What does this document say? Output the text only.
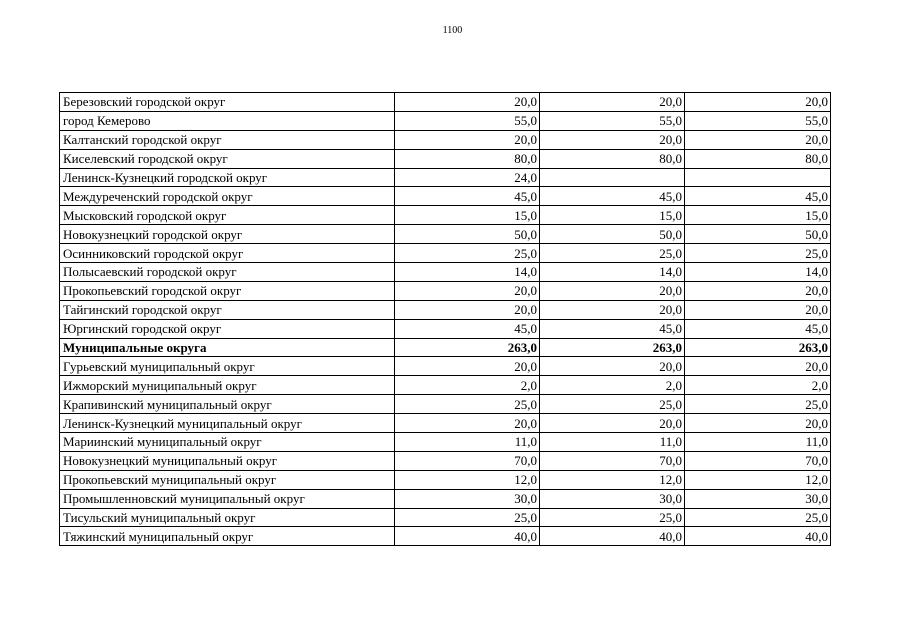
1100
Березовский городской округ	20,0	20,0	20,0
город Кемерово	55,0	55,0	55,0
Калтанский городской округ	20,0	20,0	20,0
Киселевский городской округ	80,0	80,0	80,0
Ленинск-Кузнецкий городской округ	24,0		
Междуреченский городской округ	45,0	45,0	45,0
Мысковский городской округ	15,0	15,0	15,0
Новокузнецкий городской округ	50,0	50,0	50,0
Осинниковский городской округ	25,0	25,0	25,0
Полысаевский городской округ	14,0	14,0	14,0
Прокопьевский городской округ	20,0	20,0	20,0
Тайгинский городской округ	20,0	20,0	20,0
Юргинский городской округ	45,0	45,0	45,0
Муниципальные округа	263,0	263,0	263,0
Гурьевский муниципальный округ	20,0	20,0	20,0
Ижморский муниципальный округ	2,0	2,0	2,0
Крапивинский муниципальный округ	25,0	25,0	25,0
Ленинск-Кузнецкий муниципальный округ	20,0	20,0	20,0
Мариинский муниципальный округ	11,0	11,0	11,0
Новокузнецкий муниципальный округ	70,0	70,0	70,0
Прокопьевский муниципальный округ	12,0	12,0	12,0
Промышленновский муниципальный округ	30,0	30,0	30,0
Тисульский муниципальный округ	25,0	25,0	25,0
Тяжинский муниципальный округ	40,0	40,0	40,0
